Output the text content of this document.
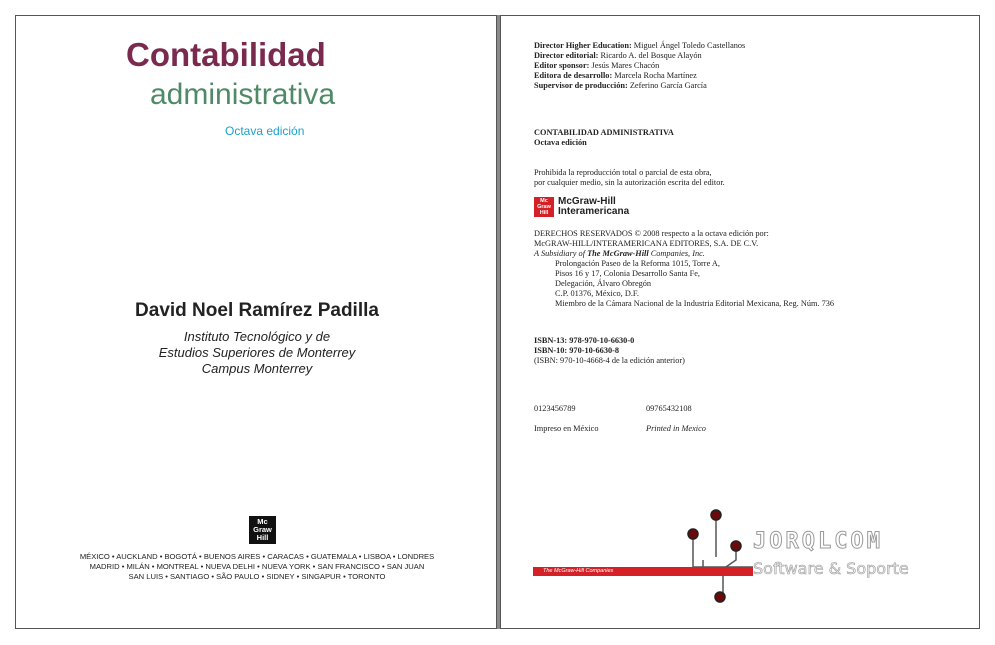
Contabilidad
administrativa
Octava edición
David Noel Ramírez Padilla
Instituto Tecnológico y de
Estudios Superiores de Monterrey
Campus Monterrey
Mc
Graw
Hill
MÉXICO • AUCKLAND • BOGOTÁ • BUENOS AIRES • CARACAS • GUATEMALA • LISBOA • LONDRES
MADRID • MILÁN • MONTREAL • NUEVA DELHI • NUEVA YORK • SAN FRANCISCO • SAN JUAN
SAN LUIS • SANTIAGO • SÃO PAULO • SIDNEY • SINGAPUR • TORONTO
Director Higher Education: Miguel Ángel Toledo Castellanos
Director editorial: Ricardo A. del Bosque Alayón
Editor sponsor: Jesús Mares Chacón
Editora de desarrollo: Marcela Rocha Martínez
Supervisor de producción: Zeferino García García
CONTABILIDAD ADMINISTRATIVA
Octava edición
Prohibida la reproducción total o parcial de esta obra,
por cualquier medio, sin la autorización escrita del editor.
Mc
Graw
Hill
McGraw-Hill
Interamericana
DERECHOS RESERVADOS © 2008 respecto a la octava edición por:
McGRAW-HILL/INTERAMERICANA EDITORES, S.A. DE C.V.
A Subsidiary of The McGraw-Hill Companies, Inc.
Prolongación Paseo de la Reforma 1015, Torre A,
Pisos 16 y 17, Colonia Desarrollo Santa Fe,
Delegación, Álvaro Obregón
C.P. 01376, México, D.F.
Miembro de la Cámara Nacional de la Industria Editorial Mexicana, Reg. Núm. 736
ISBN-13: 978-970-10-6630-0
ISBN-10: 970-10-6630-8
(ISBN: 970-10-4668-4 de la edición anterior)
0123456789	09765432108
Impreso en México	Printed in Mexico
The McGraw-Hill Companies
JORQLCOM
Software & Soporte
